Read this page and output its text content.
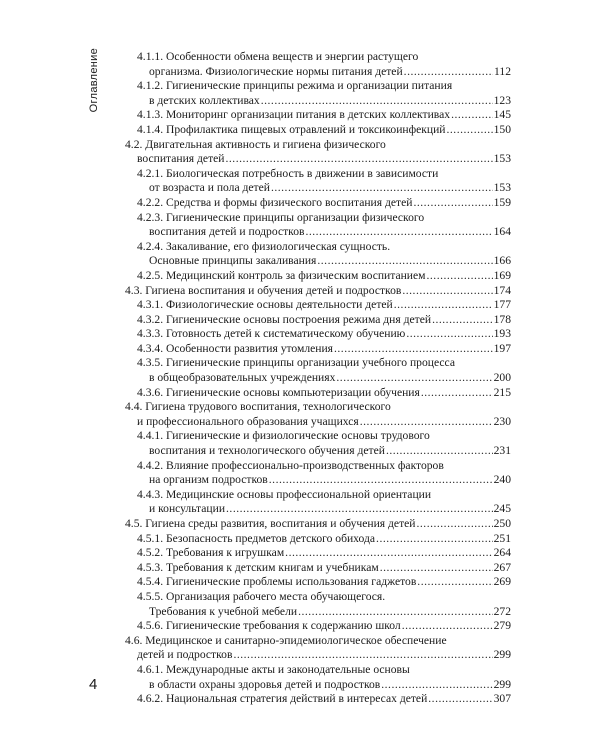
Оглавление	4.1.1. Особенности обмена веществ и энергии растущего
организма. Физиологические нормы питания детей . . .	112
4.1.2. Гигиенические принципы режима и организации питания
в детских коллективах . . .	123
4.1.3. Мониторинг организации питания в детских коллективах . . .	145
4.1.4. Профилактика пищевых отравлений и токсикоинфекций . . .	150
4.2. Двигательная активность и гигиена физического
воспитания детей . . .	153
4.2.1. Биологическая потребность в движении в зависимости
от возраста и пола детей . . .	153
4.2.2. Средства и формы физического воспитания детей . . .	159
4.2.3. Гигиенические принципы организации физического
воспитания детей и подростков . . .	164
4.2.4. Закаливание, его физиологическая сущность.
Основные принципы закаливания . . .	166
4.2.5. Медицинский контроль за физическим воспитанием . . .	169
4.3. Гигиена воспитания и обучения детей и подростков . . .	174
4.3.1. Физиологические основы деятельности детей . . .	177
4.3.2. Гигиенические основы построения режима дня детей . . .	178
4.3.3. Готовность детей к систематическому обучению . . .	193
4.3.4. Особенности развития утомления . . .	197
4.3.5. Гигиенические принципы организации учебного процесса
в общеобразовательных учреждениях . . .	200
4.3.6. Гигиенические основы компьютеризации обучения . . .	215
4.4. Гигиена трудового воспитания, технологического
и профессионального образования учащихся . . .	230
4.4.1. Гигиенические и физиологические основы трудового
воспитания и технологического обучения детей . . .	231
4.4.2. Влияние профессионально-производственных факторов
на организм подростков . . .	240
4.4.3. Медицинские основы профессиональной ориентации
и консультации . . .	245
4.5. Гигиена среды развития, воспитания и обучения детей . . .	250
4.5.1. Безопасность предметов детского обихода . . .	251
4.5.2. Требования к игрушкам . . .	264
4.5.3. Требования к детским книгам и учебникам . . .	267
4.5.4. Гигиенические проблемы использования гаджетов . . .	269
4.5.5. Организация рабочего места обучающегося.
Требования к учебной мебели . . .	272
4.5.6. Гигиенические требования к содержанию школ . . .	279
4.6. Медицинское и санитарно-эпидемиологическое обеспечение
детей и подростков . . .	299
4.6.1. Международные акты и законодательные основы
в области охраны здоровья детей и подростков . . .	299
4.6.2. Национальная стратегия действий в интересах детей . . .	307
4
